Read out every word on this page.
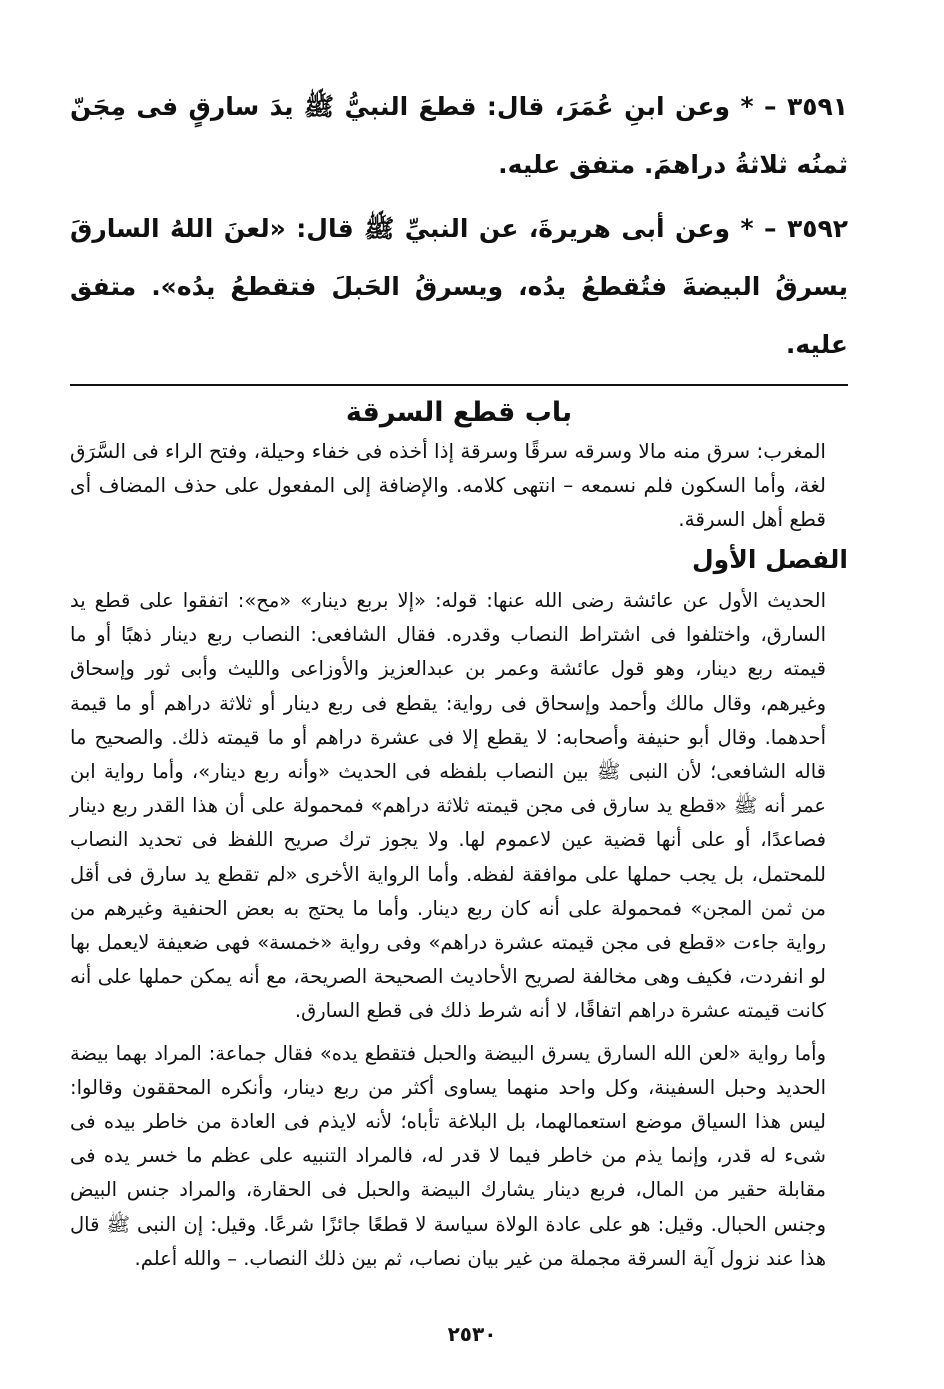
٣٥٩١ – * وعن ابنِ عُمَرَ، قال: قطعَ النبيُّ ﷺ يدَ سارقٍ فى مِجَنّ ثمنُه ثلاثةُ دراهمَ. متفق عليه.

٣٥٩٢ – * وعن أبى هريرةَ، عن النبيِّ ﷺ قال: «لعنَ اللهُ السارقَ يسرقُ البيضةَ فتُقطعُ يدُه، ويسرقُ الحَبلَ فتقطعُ يدُه». متفق عليه.

باب قطع السرقة

المغرب: سرق منه مالا وسرقه سرقًا وسرقة إذا أخذه فى خفاء وحيلة، وفتح الراء فى السَّرَق لغة، وأما السكون فلم نسمعه – انتهى كلامه. والإضافة إلى المفعول على حذف المضاف أى قطع أهل السرقة.

الفصل الأول

الحديث الأول عن عائشة رضى الله عنها: قوله: «إلا بربع دينار» «مح»: اتفقوا على قطع يد السارق، واختلفوا فى اشتراط النصاب وقدره. فقال الشافعى: النصاب ربع دينار ذهبًا أو ما قيمته ربع دينار، وهو قول عائشة وعمر بن عبدالعزيز والأوزاعى والليث وأبى ثور وإسحاق وغيرهم، وقال مالك وأحمد وإسحاق فى رواية: يقطع فى ربع دينار أو ثلاثة دراهم أو ما قيمة أحدهما. وقال أبو حنيفة وأصحابه: لا يقطع إلا فى عشرة دراهم أو ما قيمته ذلك. والصحيح ما قاله الشافعى؛ لأن النبى ﷺ بين النصاب بلفظه فى الحديث «وأنه ربع دينار»، وأما رواية ابن عمر أنه ﷺ «قطع يد سارق فى مجن قيمته ثلاثة دراهم» فمحمولة على أن هذا القدر ربع دينار فصاعدًا، أو على أنها قضية عين لاعموم لها. ولا يجوز ترك صريح اللفظ فى تحديد النصاب للمحتمل، بل يجب حملها على موافقة لفظه. وأما الرواية الأخرى «لم تقطع يد سارق فى أقل من ثمن المجن» فمحمولة على أنه كان ربع دينار. وأما ما يحتج به بعض الحنفية وغيرهم من رواية جاءت «قطع فى مجن قيمته عشرة دراهم» وفى رواية «خمسة» فهى ضعيفة لايعمل بها لو انفردت، فكيف وهى مخالفة لصريح الأحاديث الصحيحة الصريحة، مع أنه يمكن حملها على أنه كانت قيمته عشرة دراهم اتفاقًا، لا أنه شرط ذلك فى قطع السارق.

وأما رواية «لعن الله السارق يسرق البيضة والحبل فتقطع يده» فقال جماعة: المراد بهما بيضة الحديد وحبل السفينة، وكل واحد منهما يساوى أكثر من ربع دينار، وأنكره المحققون وقالوا: ليس هذا السياق موضع استعمالهما، بل البلاغة تأباه؛ لأنه لايذم فى العادة من خاطر بيده فى شىء له قدر، وإنما يذم من خاطر فيما لا قدر له، فالمراد التنبيه على عظم ما خسر يده فى مقابلة حقير من المال، فربع دينار يشارك البيضة والحبل فى الحقارة، والمراد جنس البيض وجنس الحبال. وقيل: هو على عادة الولاة سياسة لا قطعًا جائزًا شرعًا. وقيل: إن النبى ﷺ قال هذا عند نزول آية السرقة مجملة من غير بيان نصاب، ثم بين ذلك النصاب. – والله أعلم.

٢٥٣٠
